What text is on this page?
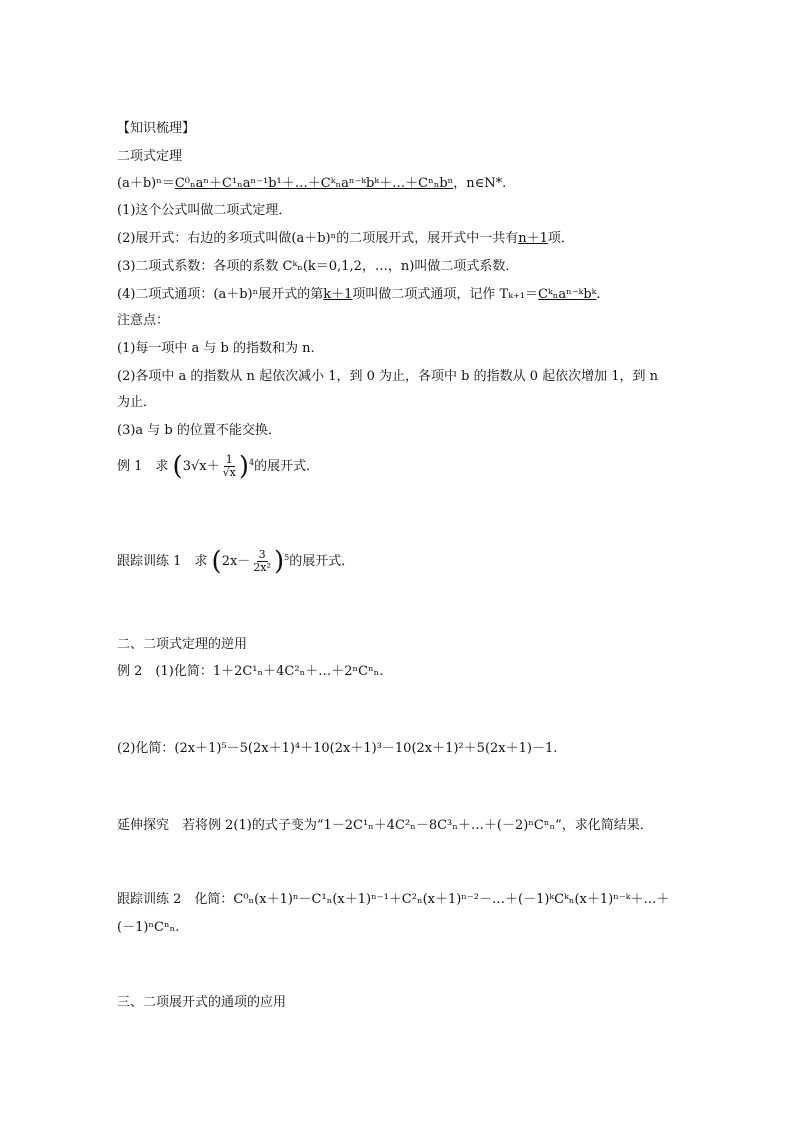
【知识梳理】
二项式定理
(a＋b)ⁿ＝C⁰ₙaⁿ＋C¹ₙaⁿ⁻¹b¹＋…＋Cᵏₙaⁿ⁻ᵏbᵏ＋…＋Cⁿₙbⁿ，n∈N*.
(1)这个公式叫做二项式定理．
(2)展开式：右边的多项式叫做(a＋b)ⁿ的二项展开式，展开式中一共有n＋1项．
(3)二项式系数：各项的系数 Cᵏₙ(k＝0,1,2，…，n)叫做二项式系数．
(4)二项式通项：(a＋b)ⁿ展开式的第k＋1项叫做二项式通项，记作 Tₖ₊₁＝Cᵏₙaⁿ⁻ᵏbᵏ.
注意点：
(1)每一项中 a 与 b 的指数和为 n.
(2)各项中 a 的指数从 n 起依次减小 1，到 0 为止，各项中 b 的指数从 0 起依次增加 1，到 n
为止．
(3)a 与 b 的位置不能交换．
例 1　求 $(3√x+ \frac{1}{√x} )^4$的展开式．
跟踪训练 1　求 $(2x- \frac{3}{\text{2x²}} )^5$的展开式．
二、二项式定理的逆用
例 2　(1)化简：1＋2C¹ₙ＋4C²ₙ＋…＋2ⁿCⁿₙ.
(2)化简：(2x＋1)⁵－5(2x＋1)⁴＋10(2x＋1)³－10(2x＋1)²＋5(2x＋1)－1.
延伸探究　若将例 2(1)的式子变为“1－2C¹ₙ＋4C²ₙ－8C³ₙ＋…＋(－2)ⁿCⁿₙ”，求化简结果．
跟踪训练 2　化简：C⁰ₙ(x＋1)ⁿ－C¹ₙ(x＋1)ⁿ⁻¹＋C²ₙ(x＋1)ⁿ⁻²－…＋(－1)ᵏCᵏₙ(x＋1)ⁿ⁻ᵏ＋…＋
(－1)ⁿCⁿₙ.
三、二项展开式的通项的应用
